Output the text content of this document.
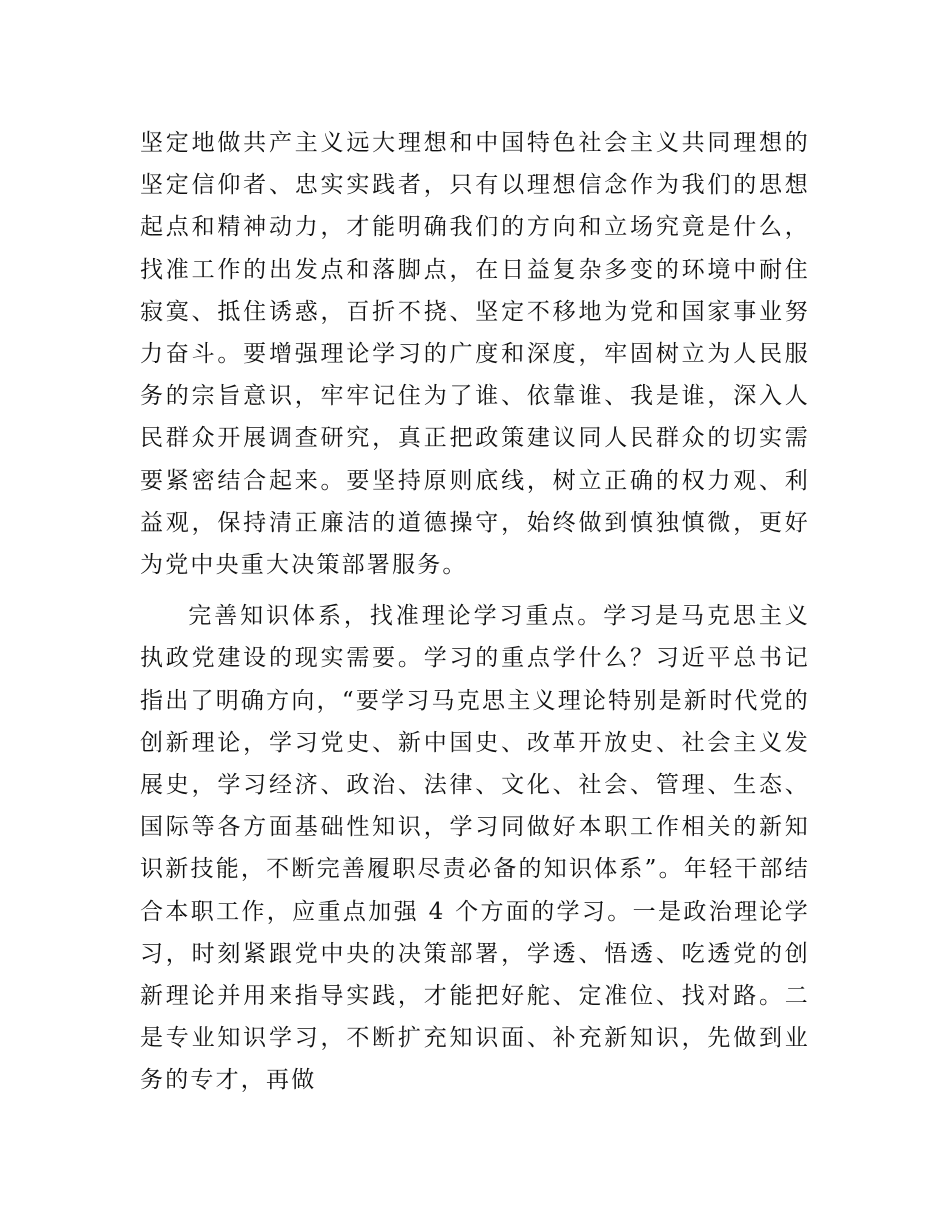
坚定地做共产主义远大理想和中国特色社会主义共同理想的坚定信仰者、忠实实践者，只有以理想信念作为我们的思想起点和精神动力，才能明确我们的方向和立场究竟是什么，找准工作的出发点和落脚点，在日益复杂多变的环境中耐住寂寞、抵住诱惑，百折不挠、坚定不移地为党和国家事业努力奋斗。要增强理论学习的广度和深度，牢固树立为人民服务的宗旨意识，牢牢记住为了谁、依靠谁、我是谁，深入人民群众开展调查研究，真正把政策建议同人民群众的切实需要紧密结合起来。要坚持原则底线，树立正确的权力观、利益观，保持清正廉洁的道德操守，始终做到慎独慎微，更好为党中央重大决策部署服务。

完善知识体系，找准理论学习重点。学习是马克思主义执政党建设的现实需要。学习的重点学什么？习近平总书记指出了明确方向，“要学习马克思主义理论特别是新时代党的创新理论，学习党史、新中国史、改革开放史、社会主义发展史，学习经济、政治、法律、文化、社会、管理、生态、国际等各方面基础性知识，学习同做好本职工作相关的新知识新技能，不断完善履职尽责必备的知识体系”。年轻干部结合本职工作，应重点加强 4 个方面的学习。一是政治理论学习，时刻紧跟党中央的决策部署，学透、悟透、吃透党的创新理论并用来指导实践，才能把好舵、定准位、找对路。二是专业知识学习，不断扩充知识面、补充新知识，先做到业务的专才，再做
